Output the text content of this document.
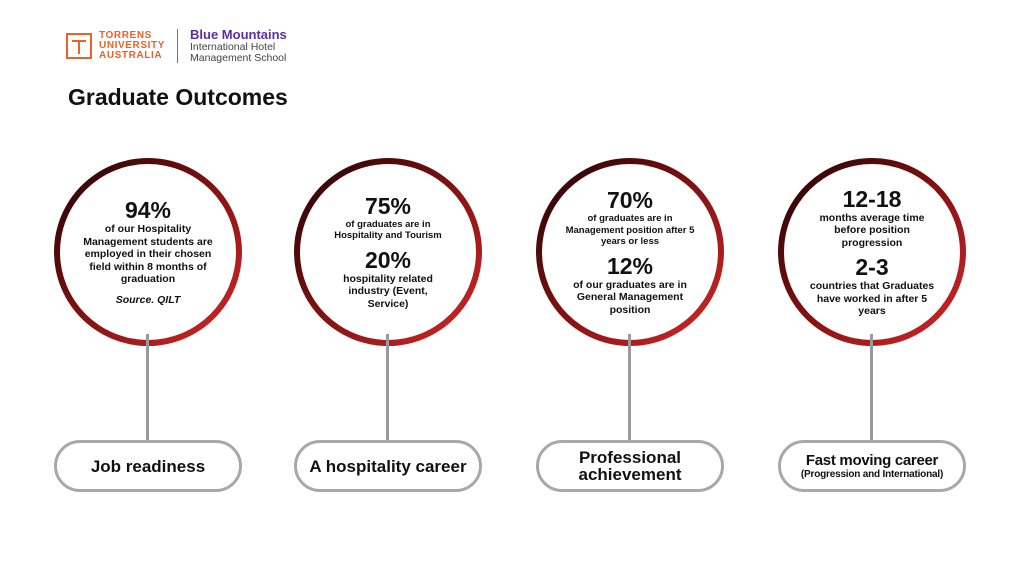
TORRENS
UNIVERSITY
AUSTRALIA
Blue Mountains
International Hotel
Management School
Graduate Outcomes
94%
of our Hospitality Management students are employed in their chosen field within 8 months of graduation
Source. QILT
Job readiness
75%
of graduates are in Hospitality and Tourism
20%
hospitality related industry (Event, Service)
A hospitality career
70%
of graduates are in Management position after 5 years or less
12%
of our graduates are in General Management position
Professional achievement
12-18
months average time before position progression
2-3
countries that Graduates have worked in after 5 years
Fast moving career
(Progression and International)
